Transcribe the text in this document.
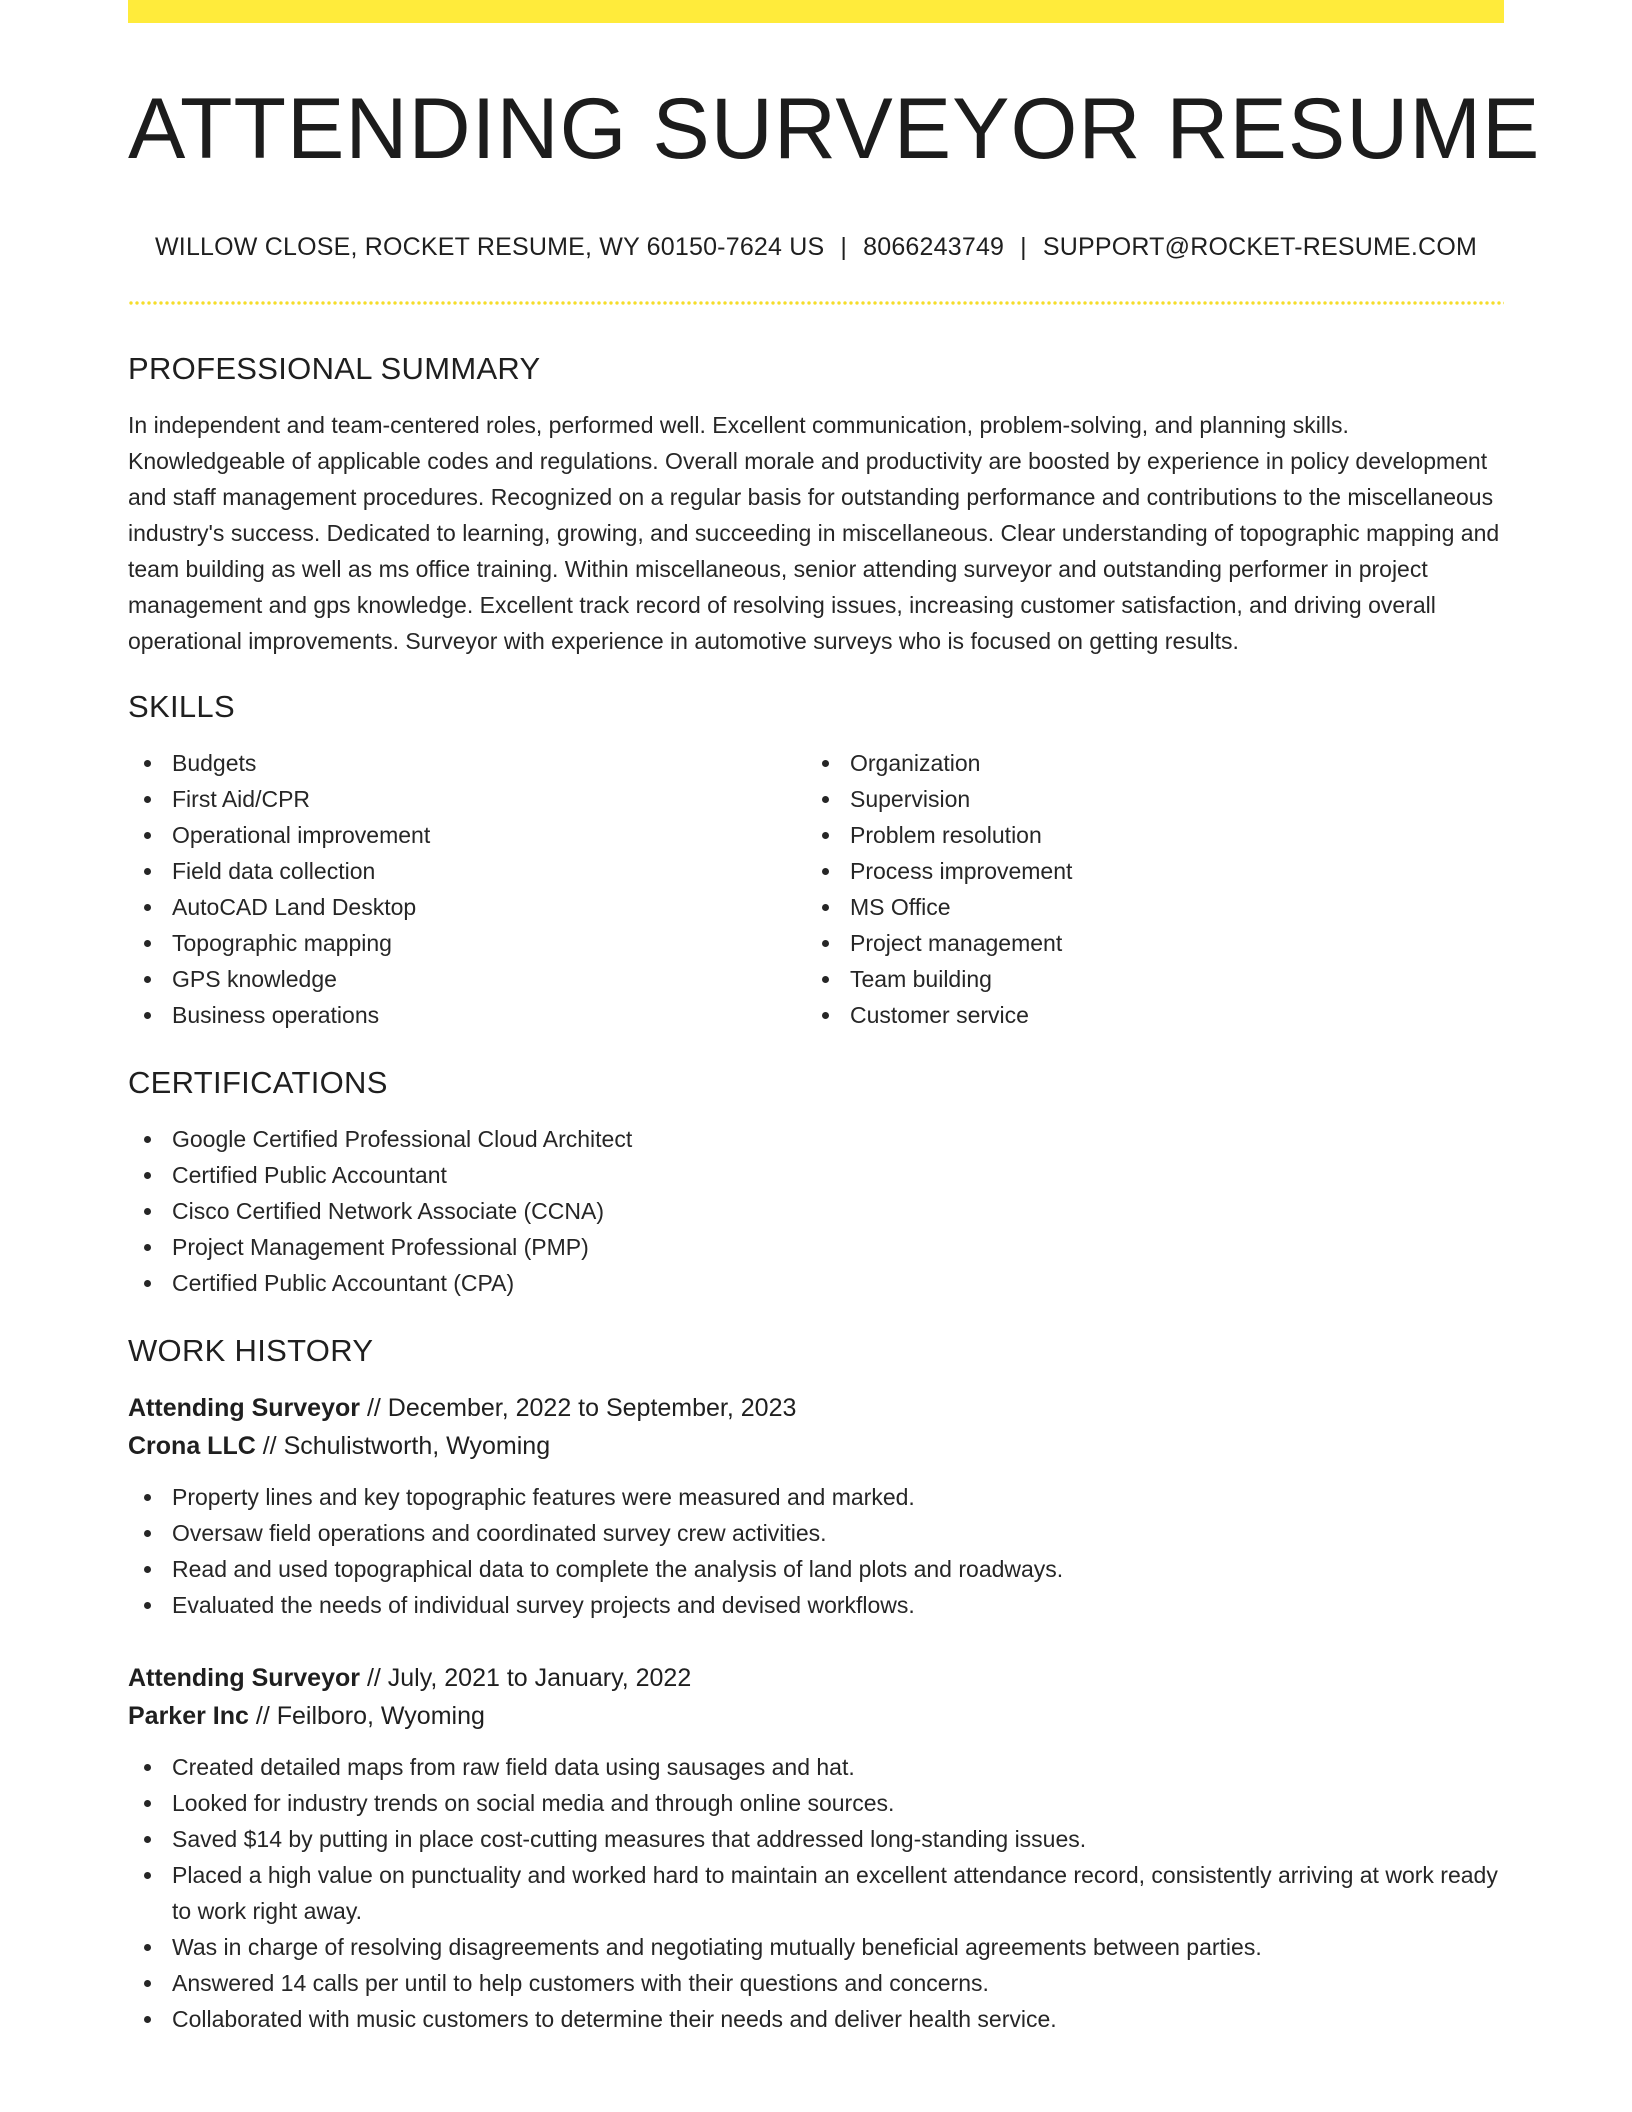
ATTENDING SURVEYOR RESUME
WILLOW CLOSE, ROCKET RESUME, WY 60150-7624 US | 8066243749 | SUPPORT@ROCKET-RESUME.COM
PROFESSIONAL SUMMARY

In independent and team-centered roles, performed well. Excellent communication, problem-solving, and planning skills. Knowledgeable of applicable codes and regulations. Overall morale and productivity are boosted by experience in policy development and staff management procedures. Recognized on a regular basis for outstanding performance and contributions to the miscellaneous industry's success. Dedicated to learning, growing, and succeeding in miscellaneous. Clear understanding of topographic mapping and team building as well as ms office training. Within miscellaneous, senior attending surveyor and outstanding performer in project management and gps knowledge. Excellent track record of resolving issues, increasing customer satisfaction, and driving overall operational improvements. Surveyor with experience in automotive surveys who is focused on getting results.

SKILLS
Budgets
First Aid/CPR
Operational improvement
Field data collection
AutoCAD Land Desktop
Topographic mapping
GPS knowledge
Business operations
Organization
Supervision
Problem resolution
Process improvement
MS Office
Project management
Team building
Customer service
CERTIFICATIONS
Google Certified Professional Cloud Architect
Certified Public Accountant
Cisco Certified Network Associate (CCNA)
Project Management Professional (PMP)
Certified Public Accountant (CPA)
WORK HISTORY
Attending Surveyor // December, 2022 to September, 2023
Crona LLC // Schulistworth, Wyoming
Property lines and key topographic features were measured and marked.
Oversaw field operations and coordinated survey crew activities.
Read and used topographical data to complete the analysis of land plots and roadways.
Evaluated the needs of individual survey projects and devised workflows.
Attending Surveyor // July, 2021 to January, 2022
Parker Inc // Feilboro, Wyoming
Created detailed maps from raw field data using sausages and hat.
Looked for industry trends on social media and through online sources.
Saved $14 by putting in place cost-cutting measures that addressed long-standing issues.
Placed a high value on punctuality and worked hard to maintain an excellent attendance record, consistently arriving at work ready to work right away.
Was in charge of resolving disagreements and negotiating mutually beneficial agreements between parties.
Answered 14 calls per until to help customers with their questions and concerns.
Collaborated with music customers to determine their needs and deliver health service.
